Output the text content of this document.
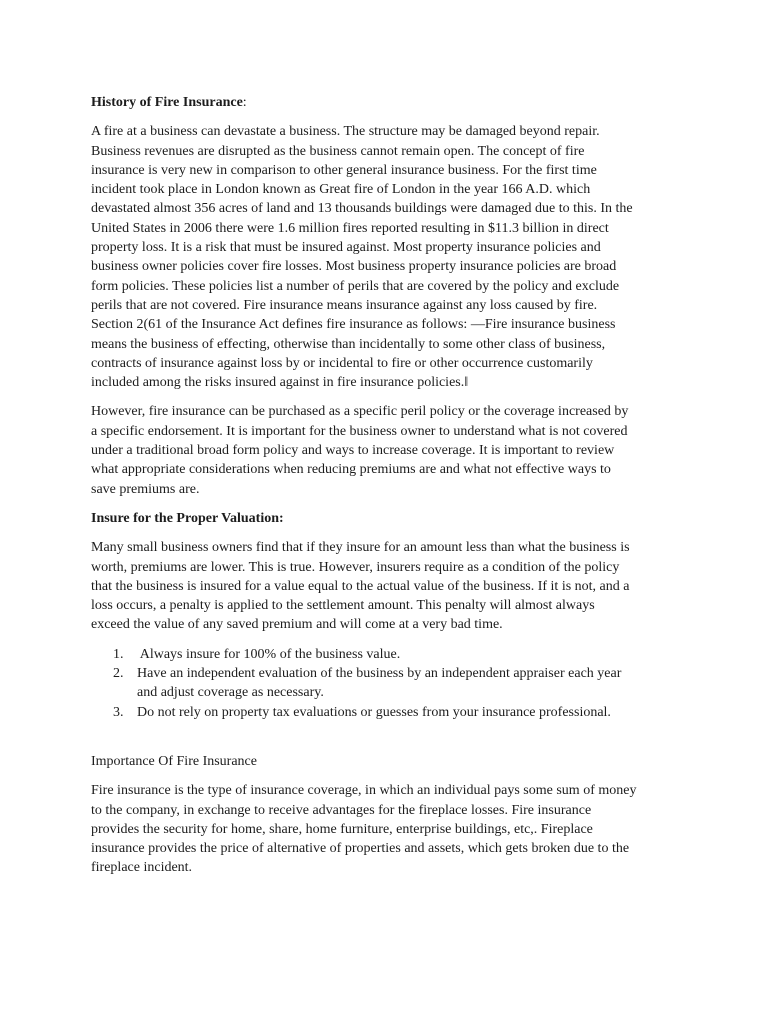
History of Fire Insurance:
A fire at a business can devastate a business. The structure may be damaged beyond repair.
Business revenues are disrupted as the business cannot remain open. The concept of fire
insurance is very new in comparison to other general insurance business. For the first time
incident took place in London known as Great fire of London in the year 166 A.D. which
devastated almost 356 acres of land and 13 thousands buildings were damaged due to this. In the
United States in 2006 there were 1.6 million fires reported resulting in $11.3 billion in direct
property loss. It is a risk that must be insured against. Most property insurance policies and
business owner policies cover fire losses. Most business property insurance policies are broad
form policies. These policies list a number of perils that are covered by the policy and exclude
perils that are not covered. Fire insurance means insurance against any loss caused by fire.
Section 2(61 of the Insurance Act defines fire insurance as follows: ―Fire insurance business
means the business of effecting, otherwise than incidentally to some other class of business,
contracts of insurance against loss by or incidental to fire or other occurrence customarily
included among the risks insured against in fire insurance policies.‖
However, fire insurance can be purchased as a specific peril policy or the coverage increased by
a specific endorsement. It is important for the business owner to understand what is not covered
under a traditional broad form policy and ways to increase coverage. It is important to review
what appropriate considerations when reducing premiums are and what not effective ways to
save premiums are.
Insure for the Proper Valuation:
Many small business owners find that if they insure for an amount less than what the business is
worth, premiums are lower. This is true. However, insurers require as a condition of the policy
that the business is insured for a value equal to the actual value of the business. If it is not, and a
loss occurs, a penalty is applied to the settlement amount. This penalty will almost always
exceed the value of any saved premium and will come at a very bad time.
1. Always insure for 100% of the business value.
2. Have an independent evaluation of the business by an independent appraiser each year
and adjust coverage as necessary.
3. Do not rely on property tax evaluations or guesses from your insurance professional.
Importance Of Fire Insurance
Fire insurance is the type of insurance coverage, in which an individual pays some sum of money
to the company, in exchange to receive advantages for the fireplace losses. Fire insurance
provides the security for home, share, home furniture, enterprise buildings, etc,. Fireplace
insurance provides the price of alternative of properties and assets, which gets broken due to the
fireplace incident.
